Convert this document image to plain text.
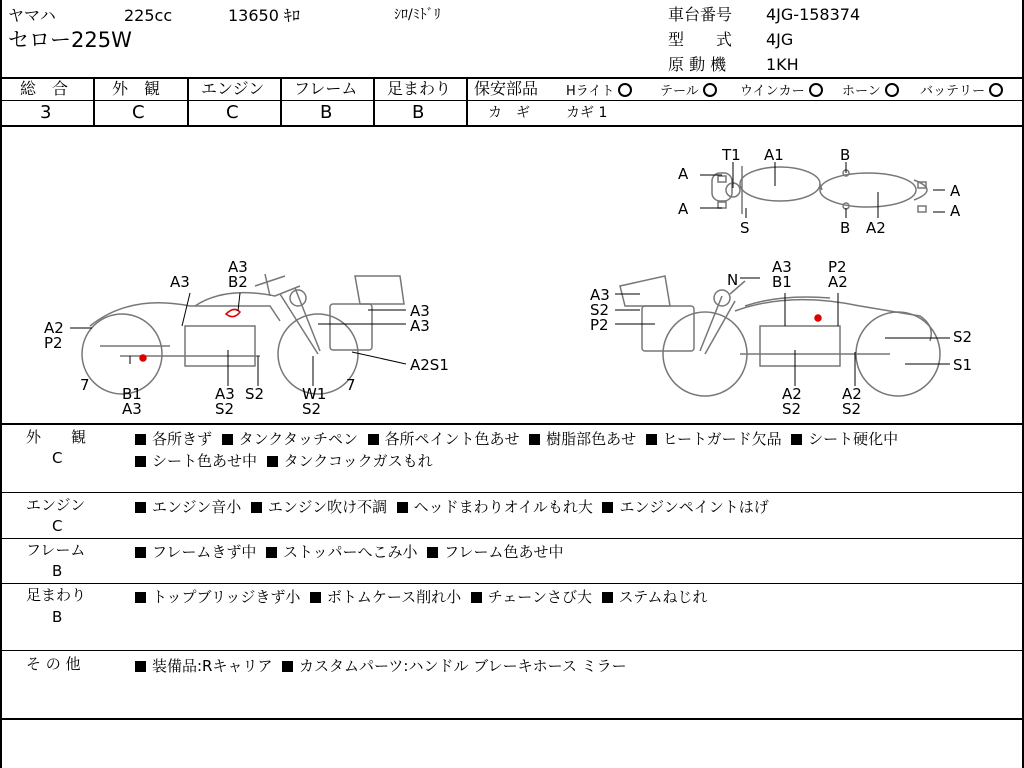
ヤマハ	225cc	13650 ｷﾛ	ｼﾛ/ﾐﾄﾞﾘ
セロー225W
車台番号 4JG-158374
型　　式 4JG
原 動 機 1KH
総　合	外　観	エンジン フレーム 足まわり
3	C	C	B	B
保安部品 Hライト	テール	ウインカー	ホーン	バッテリー
カ　ギ	カギ 1
A
A
T1 A1	B
A
A
S	B A2
A3	B2
A3
A2
P2
A3
A3
A2S1
7 B1
A3
A3
S2
S2	W1
S2
7
N
A3
B1
P2
A2
A3
S2
P2
S2
S1
A2
S2
A2
S2
外　　観
C
各所きず タンクタッチペン 各所ペイント色あせ 樹脂部色あせ ヒートガード欠品 シート硬化中  シート色あせ中 タンクコックガスもれ
エンジン
C
エンジン音小 エンジン吹け不調 ヘッドまわりオイルもれ大 エンジンペイントはげ
フレーム
B
フレームきず中 ストッパーへこみ小 フレーム色あせ中
足まわり
B
トップブリッジきず小 ボトムケース削れ小 チェーンさび大 ステムねじれ
そ の 他	装備品:Rキャリア カスタムパーツ:ハンドル ブレーキホース ミラー
